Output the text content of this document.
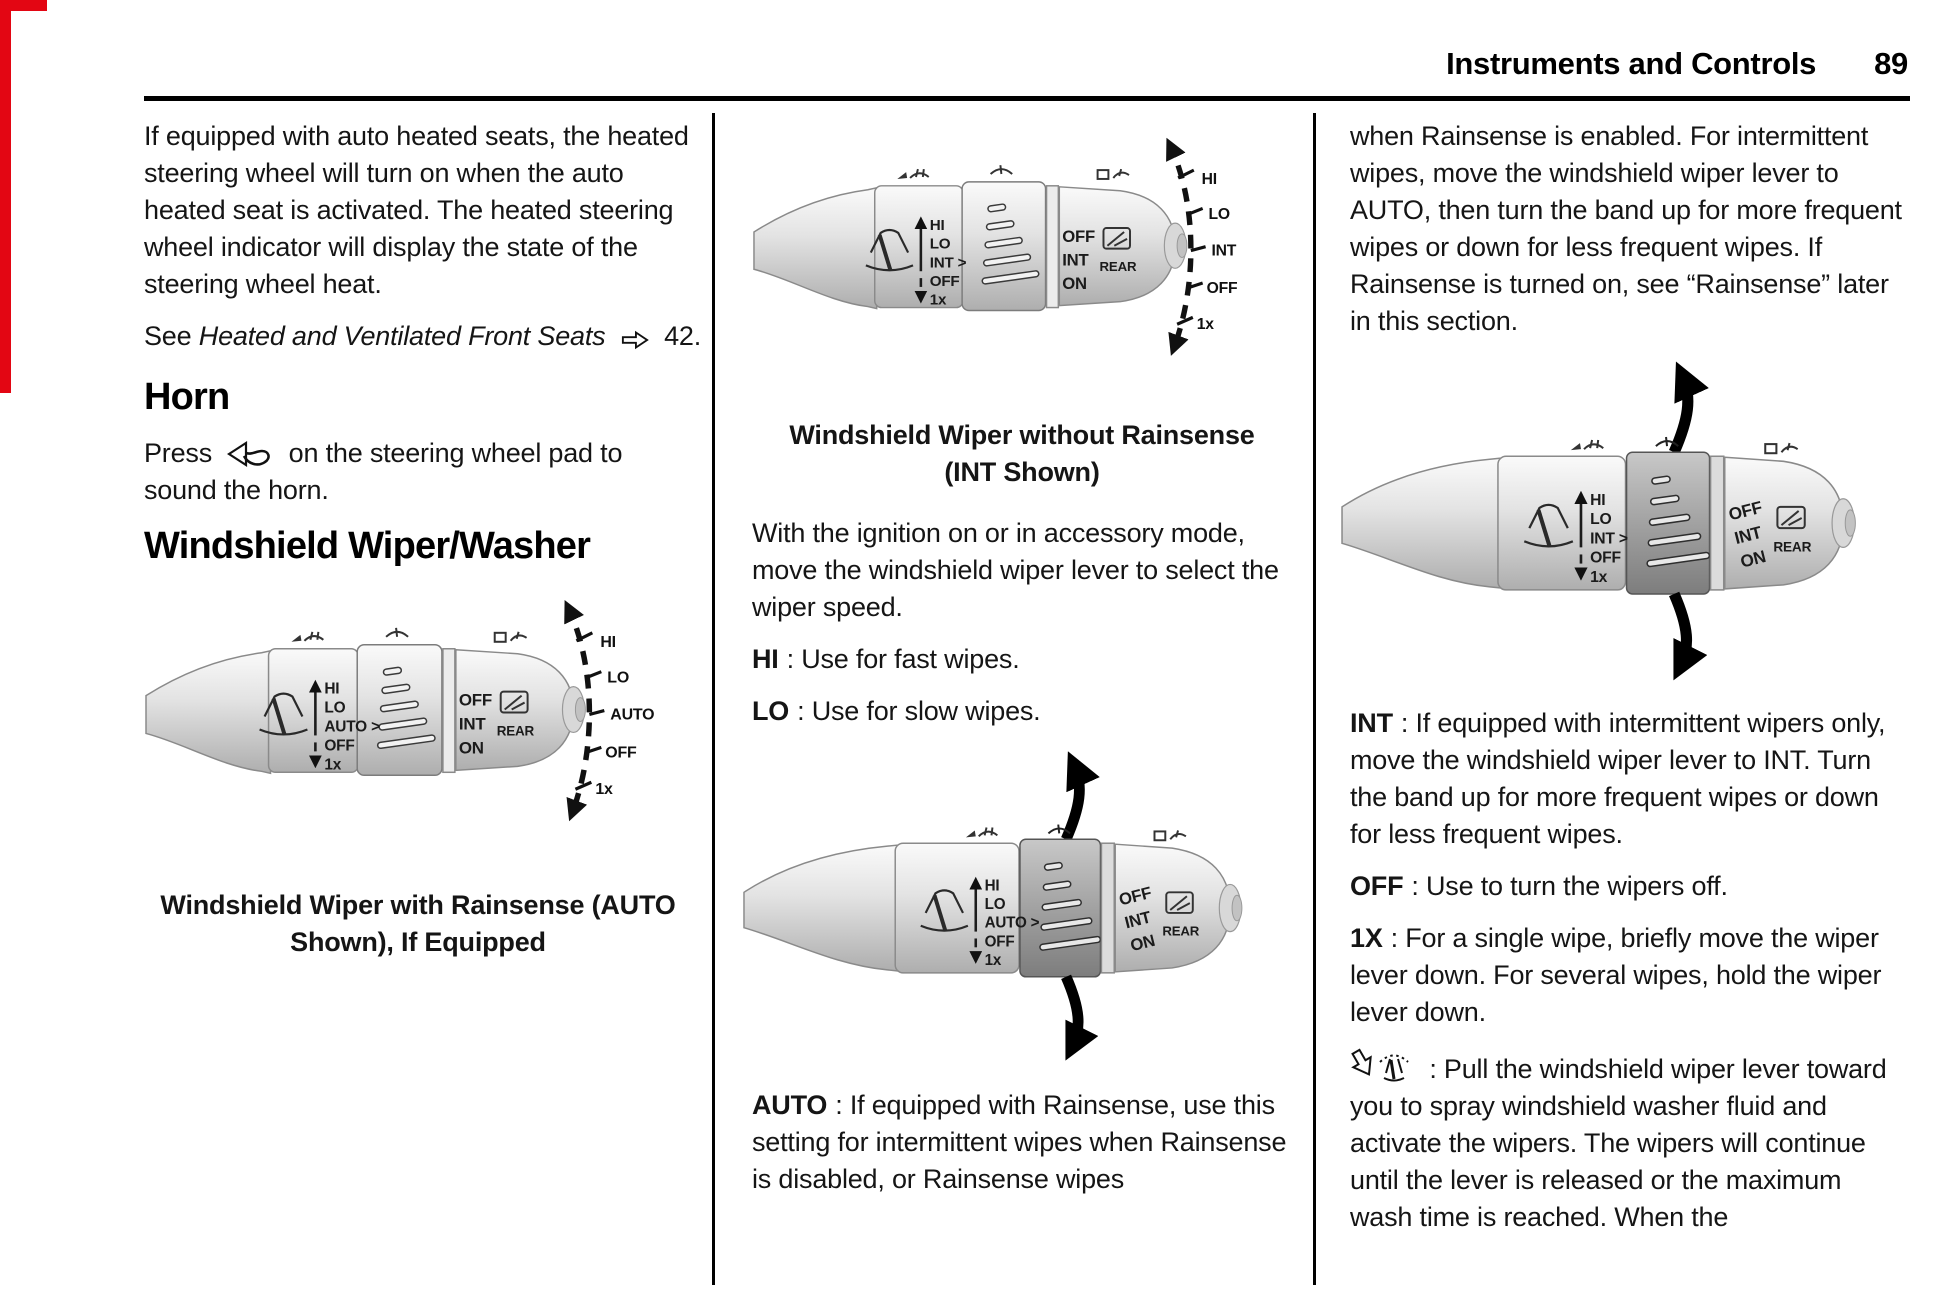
Instruments and Controls 89

If equipped with auto heated seats, the heated steering wheel will turn on when the auto heated seat is activated. The heated steering wheel indicator will display the state of the steering wheel heat.

See Heated and Ventilated Front Seats 42.

Horn

Press	on the steering wheel pad to sound the horn.

Windshield Wiper/Washer
HI
LO
AUTO >
OFF
1x
OFF
INT
ON
REAR
HI
LO
AUTO
OFF
1x
Windshield Wiper with Rainsense (AUTO Shown), If Equipped
HI
LO
INT >
OFF
1x
OFF
INT
ON
REAR
HI
LO
INT
OFF
1x
Windshield Wiper without Rainsense (INT Shown)

With the ignition on or in accessory mode, move the windshield wiper lever to select the wiper speed.

HI : Use for fast wipes.

LO : Use for slow wipes.

HI
LO
AUTO >
OFF
1x
OFF
INT
ON REAR

AUTO : If equipped with Rainsense, use this setting for intermittent wipes when Rainsense is disabled, or Rainsense wipes

when Rainsense is enabled. For intermittent wipes, move the windshield wiper lever to AUTO, then turn the band up for more frequent wipes or down for less frequent wipes. If Rainsense is turned on, see “Rainsense” later in this section.

HI
LO
INT >
OFF
1x
OFF
INT
ON REAR

INT : If equipped with intermittent wipers only, move the windshield wiper lever to INT. Turn the band up for more frequent wipes or down for less frequent wipes.

OFF : Use to turn the wipers off.

1X : For a single wipe, briefly move the wiper lever down. For several wipes, hold the wiper lever down.

: Pull the windshield wiper lever toward you to spray windshield washer fluid and activate the wipers. The wipers will continue until the lever is released or the maximum wash time is reached. When the
